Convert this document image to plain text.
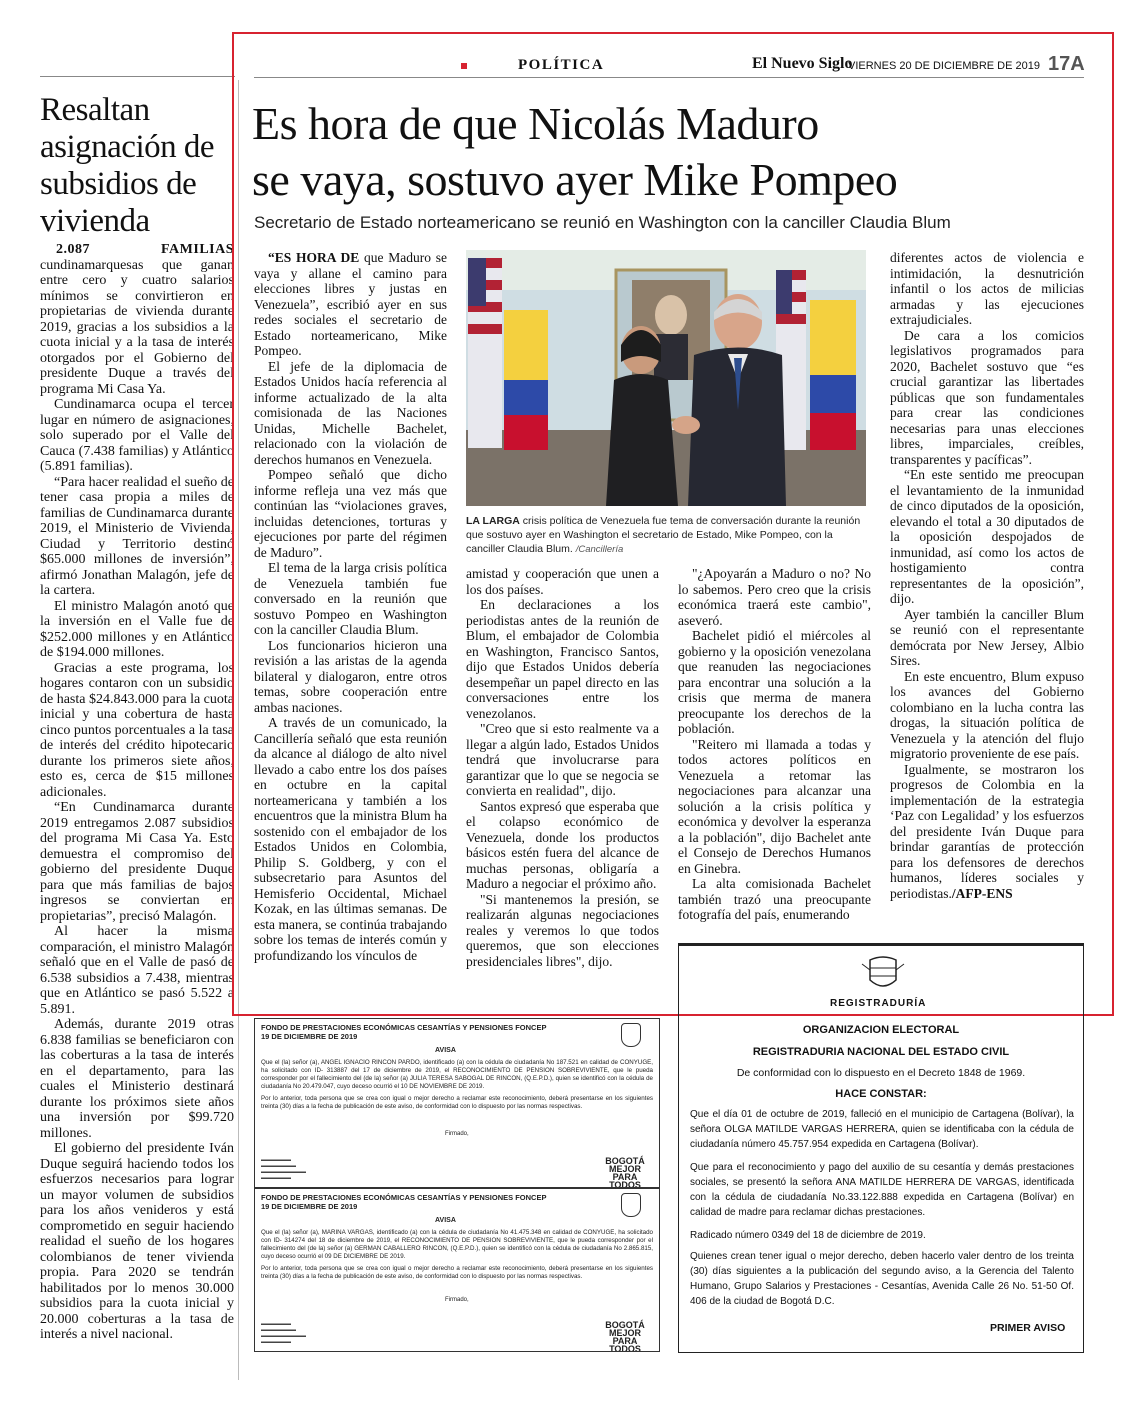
Resaltan asignación de subsidios de vivienda

2.087 FAMILIAS cundinamarquesas que ganan entre cero y cuatro salarios mínimos se convirtieron en propietarias de vivienda durante 2019, gracias a los subsidios a la cuota inicial y a la tasa de interés otorgados por el Gobierno del presidente Duque a través del programa Mi Casa Ya.

Cundinamarca ocupa el tercer lugar en número de asignaciones, solo superado por el Valle del Cauca (7.438 familias) y Atlántico (5.891 familias).

“Para hacer realidad el sueño de tener casa propia a miles de familias de Cundinamarca durante 2019, el Ministerio de Vivienda, Ciudad y Territorio destinó $65.000 millones de inversión”, afirmó Jonathan Malagón, jefe de la cartera.

El ministro Malagón anotó que la inversión en el Valle fue de $252.000 millones y en Atlántico de $194.000 millones.

Gracias a este programa, los hogares contaron con un subsidio de hasta $24.843.000 para la cuota inicial y una cobertura de hasta cinco puntos porcentuales a la tasa de interés del crédito hipotecario durante los primeros siete años, esto es, cerca de $15 millones adicionales.

“En Cundinamarca durante 2019 entregamos 2.087 subsidios del programa Mi Casa Ya. Esto demuestra el compromiso del gobierno del presidente Duque para que más familias de bajos ingresos se conviertan en propietarias”, precisó Malagón.

Al hacer la misma comparación, el ministro Malagón señaló que en el Valle de pasó de 6.538 subsidios a 7.438, mientras que en Atlántico se pasó 5.522 a 5.891.

Además, durante 2019 otras 6.838 familias se beneficiaron con las coberturas a la tasa de interés en el departamento, para las cuales el Ministerio destinará durante los próximos siete años una inversión por $99.720 millones.

El gobierno del presidente Iván Duque seguirá haciendo todos los esfuerzos necesarios para lograr un mayor volumen de subsidios para los años venideros y está comprometido en seguir haciendo realidad el sueño de los hogares colombianos de tener vivienda propia. Para 2020 se tendrán habilitados por lo menos 30.000 subsidios para la cuota inicial y 20.000 coberturas a la tasa de interés a nivel nacional.

POLÍTICA	El Nuevo Siglo
VIERNES 20 DE DICIEMBRE DE 2019 17A
Es hora de que Nicolás Maduro
se vaya, sostuvo ayer Mike Pompeo
Secretario de Estado norteamericano se reunió en Washington con la canciller Claudia Blum

“ES HORA DE que Maduro se vaya y allane el camino para elecciones libres y justas en Venezuela”, escribió ayer en sus redes sociales el secretario de Estado norteamericano, Mike Pompeo.

El jefe de la diplomacia de Estados Unidos hacía referencia al informe actualizado de la alta comisionada de las Naciones Unidas, Michelle Bachelet, relacionado con la violación de derechos humanos en Venezuela.

Pompeo señaló que dicho informe refleja una vez más que continúan las “violaciones graves, incluidas detenciones, torturas y ejecuciones por parte del régimen de Maduro”.

El tema de la larga crisis política de Venezuela también fue conversado en la reunión que sostuvo Pompeo en Washington con la canciller Claudia Blum.

Los funcionarios hicieron una revisión a las aristas de la agenda bilateral y dialogaron, entre otros temas, sobre cooperación entre ambas naciones.

A través de un comunicado, la Cancillería señaló que esta reunión da alcance al diálogo de alto nivel llevado a cabo entre los dos países en octubre en la capital norteamericana y también a los encuentros que la ministra Blum ha sostenido con el embajador de los Estados Unidos en Colombia, Philip S. Goldberg, y con el subsecretario para Asuntos del Hemisferio Occidental, Michael Kozak, en las últimas semanas. De esta manera, se continúa trabajando sobre los temas de interés común y profundizando los vínculos de

LA LARGA crisis política de Venezuela fue tema de conversación durante la reunión que sostuvo ayer en Washington el secretario de Estado, Mike Pompeo, con la canciller Claudia Blum. /Cancillería

amistad y cooperación que unen a los dos países.

En declaraciones a los periodistas antes de la reunión de Blum, el embajador de Colombia en Washington, Francisco Santos, dijo que Estados Unidos debería desempeñar un papel directo en las conversaciones entre los venezolanos.

"Creo que si esto realmente va a llegar a algún lado, Estados Unidos tendrá que involucrarse para garantizar que lo que se negocia se convierta en realidad", dijo.

Santos expresó que esperaba que el colapso económico de Venezuela, donde los productos básicos estén fuera del alcance de muchas personas, obligaría a Maduro a negociar el próximo año.

"Si mantenemos la presión, se realizarán algunas negociaciones reales y veremos lo que todos queremos, que son elecciones presidenciales libres", dijo.

"¿Apoyarán a Maduro o no? No lo sabemos. Pero creo que la crisis económica traerá este cambio", aseveró.

Bachelet pidió el miércoles al gobierno y la oposición venezolana que reanuden las negociaciones para encontrar una solución a la crisis que merma de manera preocupante los derechos de la población.

"Reitero mi llamada a todas y todos actores políticos en Venezuela a retomar las negociaciones para alcanzar una solución a la crisis política y económica y devolver la esperanza a la población", dijo Bachelet ante el Consejo de Derechos Humanos en Ginebra.

La alta comisionada Bachelet también trazó una preocupante fotografía del país, enumerando

diferentes actos de violencia e intimidación, la desnutrición infantil o los actos de milicias armadas y las ejecuciones extrajudiciales.

De cara a los comicios legislativos programados para 2020, Bachelet sostuvo que “es crucial garantizar las libertades públicas que son fundamentales para crear las condiciones necesarias para unas elecciones libres, imparciales, creíbles, transparentes y pacíficas”.

“En este sentido me preocupan el levantamiento de la inmunidad de cinco diputados de la oposición, elevando el total a 30 diputados de la oposición despojados de inmunidad, así como los actos de hostigamiento contra representantes de la oposición”, dijo.

Ayer también la canciller Blum se reunió con el representante demócrata por New Jersey, Albio Sires.

En este encuentro, Blum expuso los avances del Gobierno colombiano en la lucha contra las drogas, la situación política de Venezuela y la atención del flujo migratorio proveniente de ese país.

Igualmente, se mostraron los progresos de Colombia en la implementación de la estrategia ‘Paz con Legalidad’ y los esfuerzos del presidente Iván Duque para brindar garantías de protección para los defensores de derechos humanos, líderes sociales y periodistas./AFP-ENS

FONDO DE PRESTACIONES ECONÓMICAS CESANTÍAS Y PENSIONES FONCEP
19 DE DICIEMBRE DE 2019
AVISA
Que el (la) señor (a), ANGEL IGNACIO RINCON PARDO, identificado (a) con la cédula de ciudadanía No 187.521 en calidad de CONYUGE, ha solicitado con ID- 313887 del 17 de diciembre de 2019, el RECONOCIMIENTO DE PENSION SOBREVIVIENTE, que le pueda corresponder por el fallecimiento del (de la) señor (a) JULIA TERESA SABOGAL DE RINCON, (Q.E.P.D.), quien se identificó con la cédula de ciudadanía No 20.479.047, cuyo deceso ocurrió el 10 DE NOVIEMBRE DE 2019.
Por lo anterior, toda persona que se crea con igual o mejor derecho a reclamar este reconocimiento, deberá presentarse en los siguientes treinta (30) días a la fecha de publicación de este aviso, de conformidad con lo dispuesto por las normas respectivas.
Firmado,
▬▬▬▬▬▬
▬▬▬▬▬▬▬
▬▬▬▬▬▬▬▬▬
▬▬▬▬▬▬
BOGOTÁ MEJOR PARA TODOS
FONDO DE PRESTACIONES ECONÓMICAS CESANTÍAS Y PENSIONES FONCEP
19 DE DICIEMBRE DE 2019
AVISA
Que el (la) señor (a), MARINA VARGAS, identificado (a) con la cédula de ciudadanía No 41.475.348 en calidad de CONYUGE, ha solicitado con ID- 314274 del 18 de diciembre de 2019, el RECONOCIMIENTO DE PENSION SOBREVIVIENTE, que le pueda corresponder por el fallecimiento del (de la) señor (a) GERMAN CABALLERO RINCON, (Q.E.P.D.), quien se identificó con la cédula de ciudadanía No 2.865.815, cuyo deceso ocurrió el 09 DE DICIEMBRE DE 2019.
Por lo anterior, toda persona que se crea con igual o mejor derecho a reclamar este reconocimiento, deberá presentarse en los siguientes treinta (30) días a la fecha de publicación de este aviso, de conformidad con lo dispuesto por las normas respectivas.
Firmado,
▬▬▬▬▬▬
▬▬▬▬▬▬▬
▬▬▬▬▬▬▬▬▬
▬▬▬▬▬▬
BOGOTÁ MEJOR PARA TODOS
REGISTRADURÍA
ORGANIZACION ELECTORAL
REGISTRADURIA NACIONAL DEL ESTADO CIVIL
De conformidad con lo dispuesto en el Decreto 1848 de 1969.
HACE CONSTAR:
Que el día 01 de octubre de 2019, falleció en el municipio de Cartagena (Bolívar), la señora OLGA MATILDE VARGAS HERRERA, quien se identificaba con la cédula de ciudadanía número 45.757.954 expedida en Cartagena (Bolívar).
Que para el reconocimiento y pago del auxilio de su cesantía y demás prestaciones sociales, se presentó la señora ANA MATILDE HERRERA DE VARGAS, identificada con la cédula de ciudadanía No.33.122.888 expedida en Cartagena (Bolívar) en calidad de madre para reclamar dichas prestaciones.
Radicado número 0349 del 18 de diciembre de 2019.
Quienes crean tener igual o mejor derecho, deben hacerlo valer dentro de los treinta (30) días siguientes a la publicación del segundo aviso, a la Gerencia del Talento Humano, Grupo Salarios y Prestaciones - Cesantías, Avenida Calle 26 No. 51-50 Of. 406 de la ciudad de Bogotá D.C.
PRIMER AVISO
